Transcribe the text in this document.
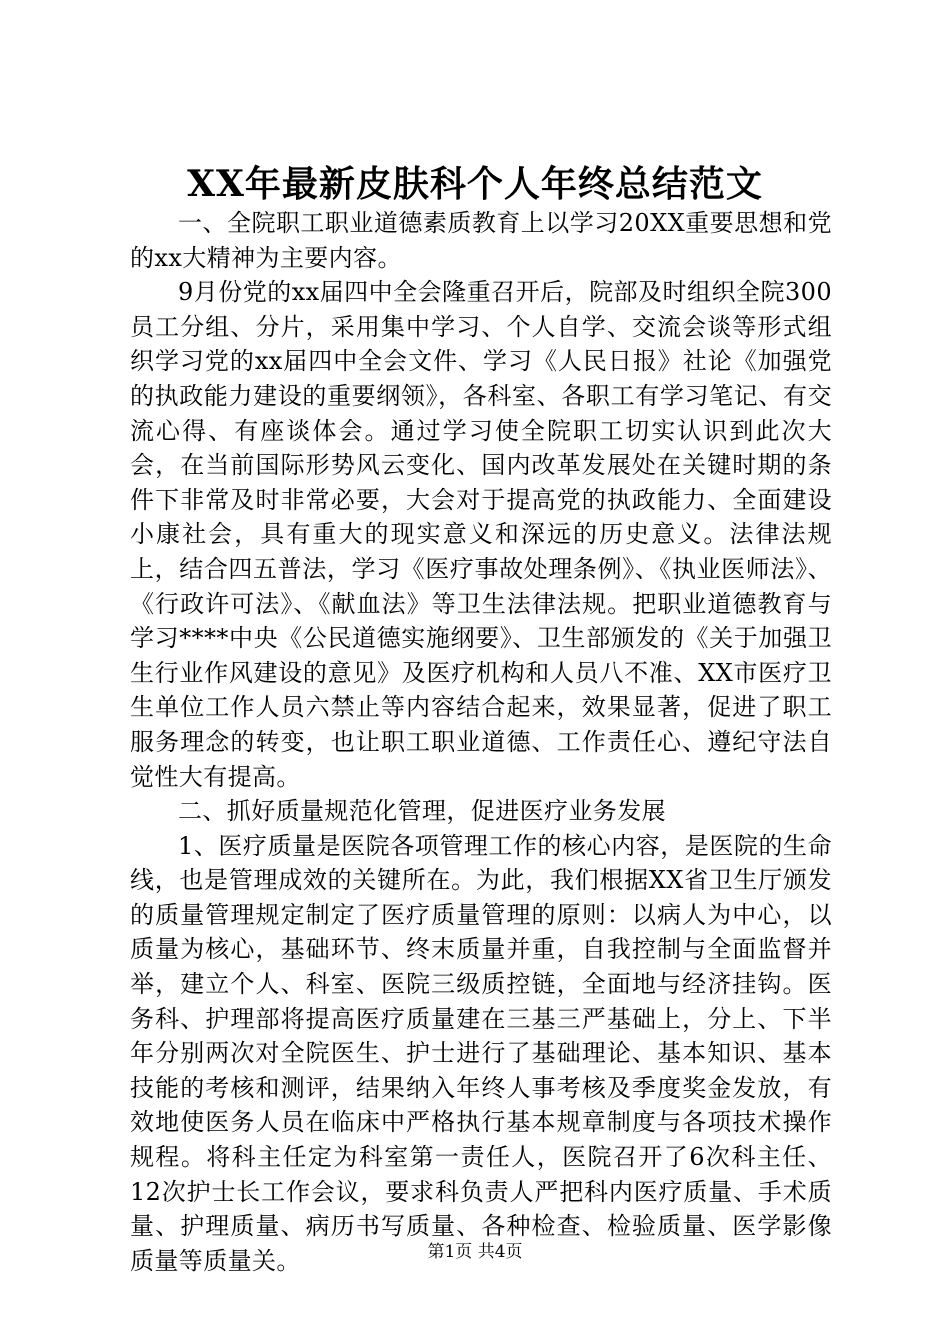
XX年最新皮肤科个人年终总结范文

一、全院职工职业道德素质教育上以学习20XX重要思想和党的xx大精神为主要内容。

9月份党的xx届四中全会隆重召开后，院部及时组织全院300员工分组、分片，采用集中学习、个人自学、交流会谈等形式组织学习党的xx届四中全会文件、学习《人民日报》社论《加强党的执政能力建设的重要纲领》，各科室、各职工有学习笔记、有交流心得、有座谈体会。通过学习使全院职工切实认识到此次大会，在当前国际形势风云变化、国内改革发展处在关键时期的条件下非常及时非常必要，大会对于提高党的执政能力、全面建设小康社会，具有重大的现实意义和深远的历史意义。法律法规上，结合四五普法，学习《医疗事故处理条例》、《执业医师法》、《行政许可法》、《献血法》等卫生法律法规。把职业道德教育与学习****中央《公民道德实施纲要》、卫生部颁发的《关于加强卫生行业作风建设的意见》及医疗机构和人员八不准、XX市医疗卫生单位工作人员六禁止等内容结合起来，效果显著，促进了职工服务理念的转变，也让职工职业道德、工作责任心、遵纪守法自觉性大有提高。

二、抓好质量规范化管理，促进医疗业务发展

1、医疗质量是医院各项管理工作的核心内容，是医院的生命线，也是管理成效的关键所在。为此，我们根据XX省卫生厅颁发的质量管理规定制定了医疗质量管理的原则：以病人为中心，以质量为核心，基础环节、终末质量并重，自我控制与全面监督并举，建立个人、科室、医院三级质控链，全面地与经济挂钩。医务科、护理部将提高医疗质量建在三基三严基础上，分上、下半年分别两次对全院医生、护士进行了基础理论、基本知识、基本技能的考核和测评，结果纳入年终人事考核及季度奖金发放，有效地使医务人员在临床中严格执行基本规章制度与各项技术操作规程。将科主任定为科室第一责任人，医院召开了6次科主任、12次护士长工作会议，要求科负责人严把科内医疗质量、手术质量、护理质量、病历书写质量、各种检查、检验质量、医学影像质量等质量关。	第1页 共4页
